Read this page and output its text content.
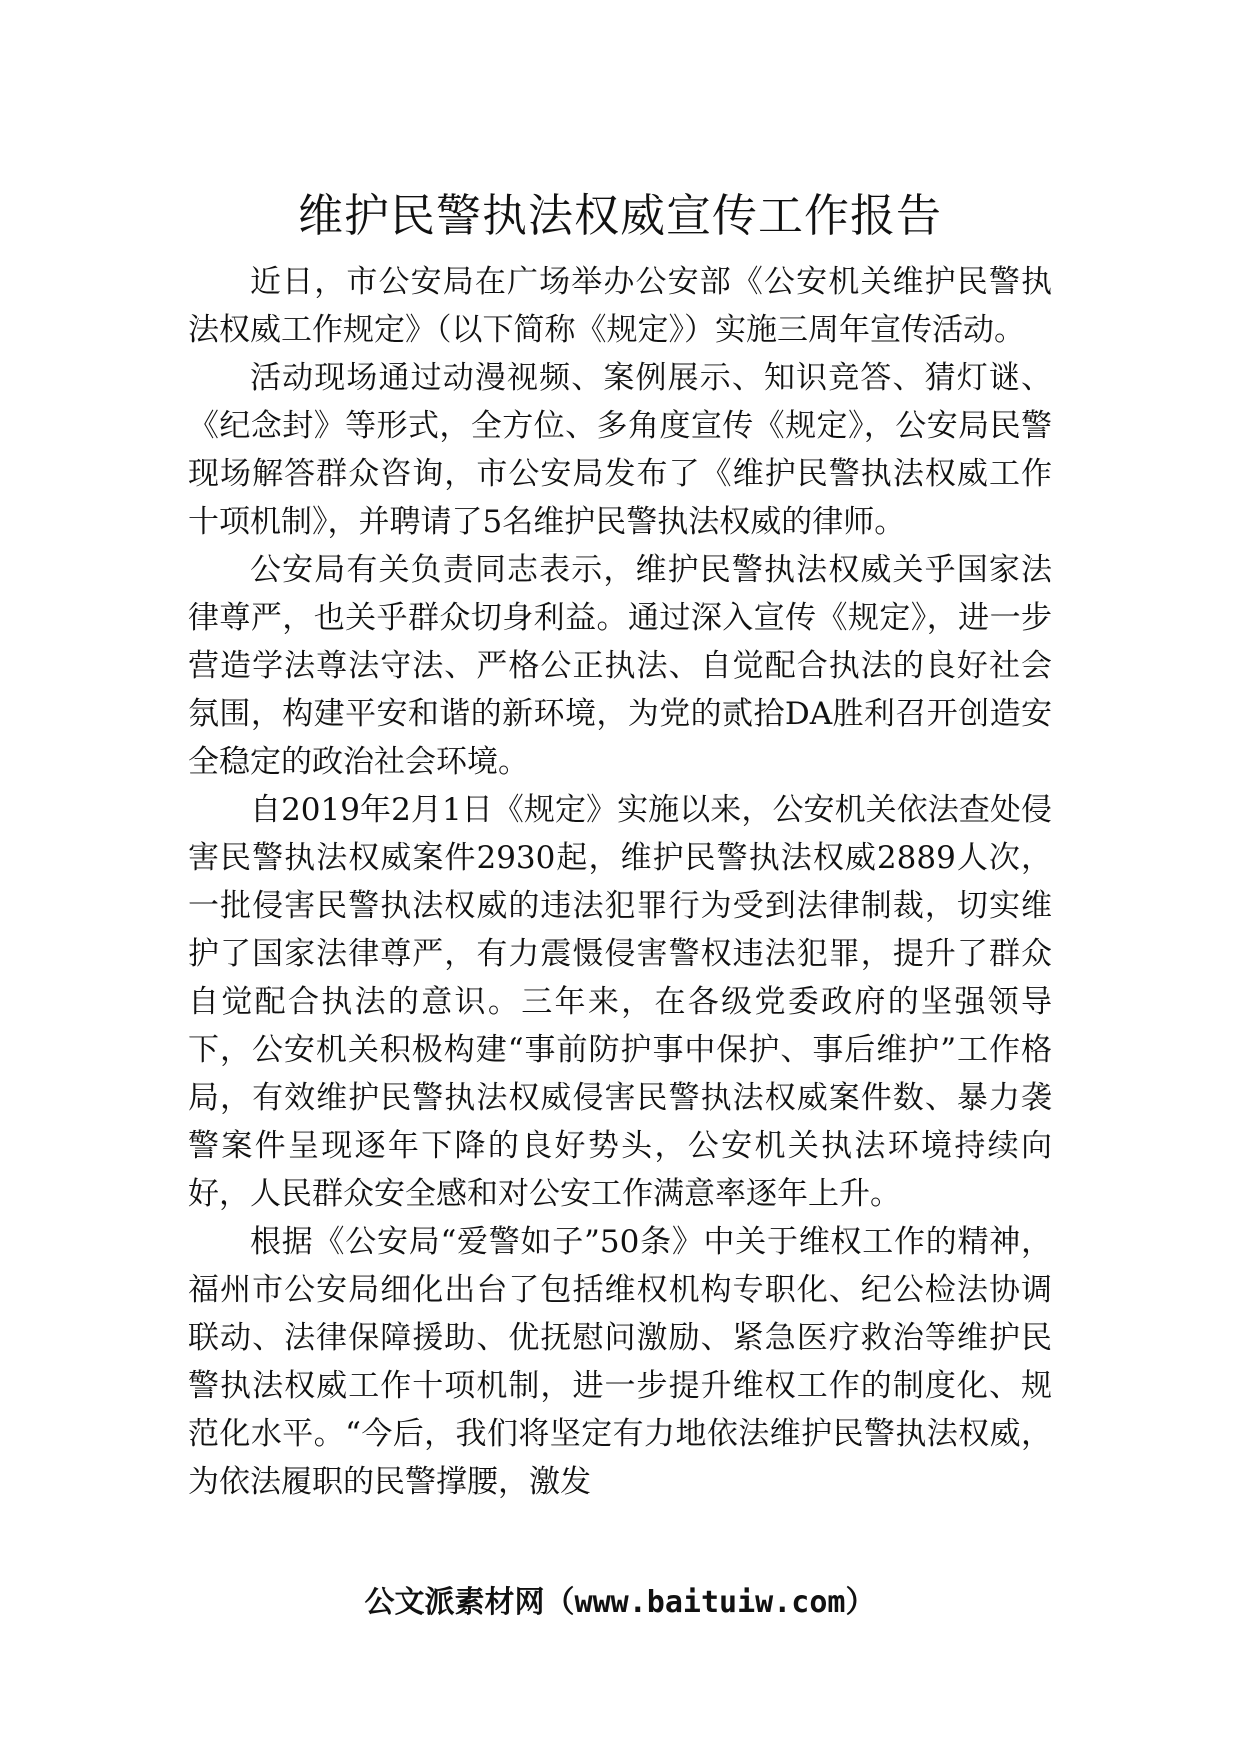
维护民警执法权威宣传工作报告

近日，市公安局在广场举办公安部《公安机关维护民警执法权威工作规定》（以下简称《规定》）实施三周年宣传活动。

活动现场通过动漫视频、案例展示、知识竞答、猜灯谜、《纪念封》等形式，全方位、多角度宣传《规定》，公安局民警现场解答群众咨询，市公安局发布了《维护民警执法权威工作十项机制》，并聘请了5名维护民警执法权威的律师。

公安局有关负责同志表示，维护民警执法权威关乎国家法律尊严，也关乎群众切身利益。通过深入宣传《规定》，进一步营造学法尊法守法、严格公正执法、自觉配合执法的良好社会氛围，构建平安和谐的新环境，为党的贰拾DA胜利召开创造安全稳定的政治社会环境。

自2019年2月1日《规定》实施以来，公安机关依法查处侵害民警执法权威案件2930起，维护民警执法权威2889人次，一批侵害民警执法权威的违法犯罪行为受到法律制裁，切实维护了国家法律尊严，有力震慑侵害警权违法犯罪，提升了群众自觉配合执法的意识。三年来，在各级党委政府的坚强领导下，公安机关积极构建“事前防护事中保护、事后维护”工作格局，有效维护民警执法权威侵害民警执法权威案件数、暴力袭警案件呈现逐年下降的良好势头，公安机关执法环境持续向好，人民群众安全感和对公安工作满意率逐年上升。

根据《公安局“爱警如子”50条》中关于维权工作的精神，福州市公安局细化出台了包括维权机构专职化、纪公检法协调联动、法律保障援助、优抚慰问激励、紧急医疗救治等维护民警执法权威工作十项机制，进一步提升维权工作的制度化、规范化水平。“今后，我们将坚定有力地依法维护民警执法权威，为依法履职的民警撑腰，激发

公文派素材网（www.baituiw.com）
